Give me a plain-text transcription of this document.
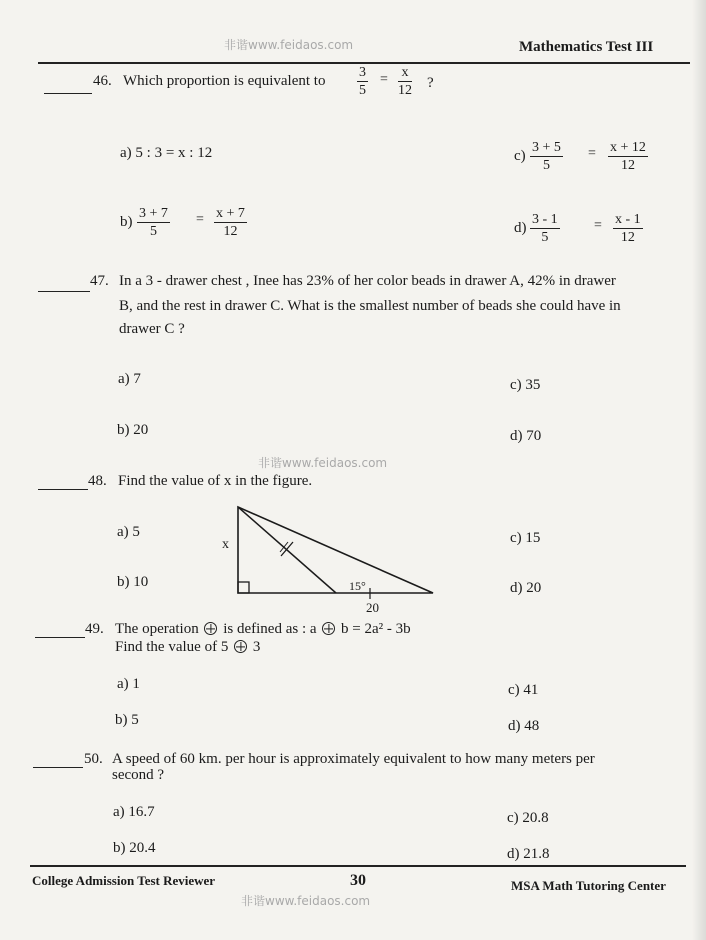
非谐www.feidaos.com	Mathematics Test III
46. Which proportion is equivalent to $\frac{3}{5} = \frac{x}{12}$ ?
a) 5 : 3 = x : 12	$c) \frac{3 + 5}{5} = \frac{x + 12}{12}$
$b) \frac{3 + 7}{5} = \frac{x + 7}{12}$	$d) \frac{3 - 1}{5} = \frac{x - 1}{12}$
47. In a 3 - drawer chest , Inee has 23% of her color beads in drawer A, 42% in drawer
B, and the rest in drawer C. What is the smallest number of beads she could have in
drawer C ?
a) 7	c) 35
b) 20	d) 70
非谐www.feidaos.com
48. Find the value of x in the figure.
a) 5	c) 15
b) 10	d) 20
x
15°
20
49. The operation is defined as : a b = 2a² - 3b
Find the value of 5 3
a) 1	c) 41
b) 5	d) 48
50. A speed of 60 km. per hour is approximately equivalent to how many meters per
second ?
a) 16.7	c) 20.8
b) 20.4	d) 21.8
College Admission Test Reviewer	30	MSA Math Tutoring Center
非谐www.feidaos.com
